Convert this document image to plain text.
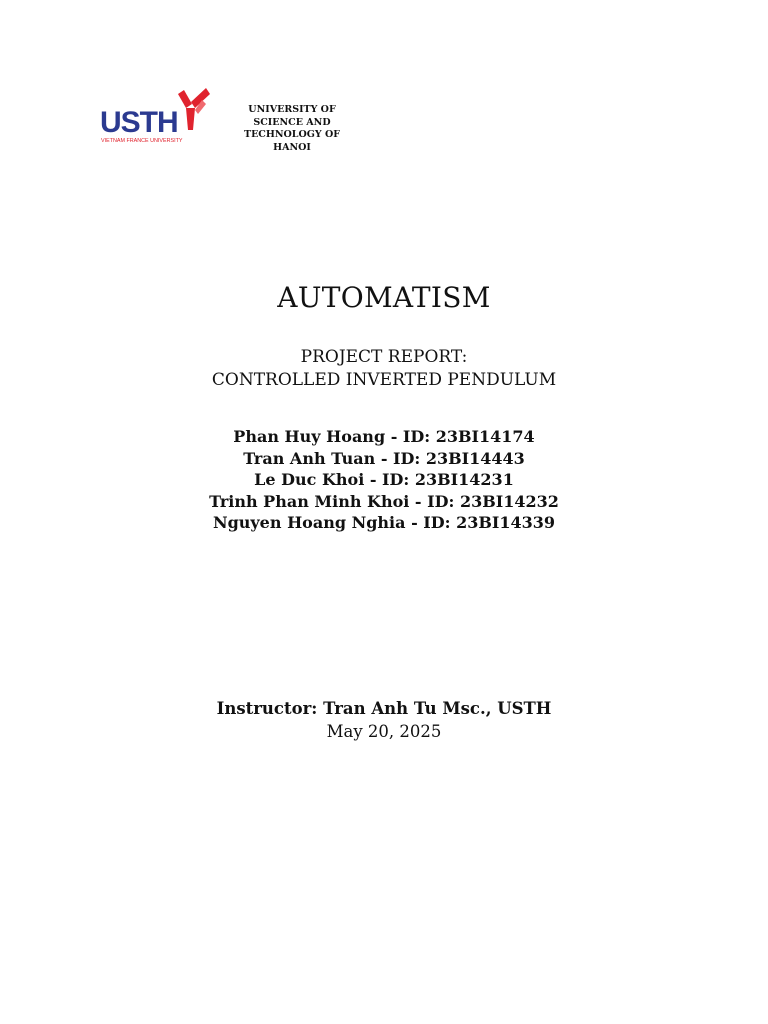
USTH
VIETNAM FRANCE UNIVERSITY
UNIVERSITY OF
SCIENCE AND
TECHNOLOGY OF
HANOI
AUTOMATISM
PROJECT REPORT:
CONTROLLED INVERTED PENDULUM
Phan Huy Hoang - ID: 23BI14174
Tran Anh Tuan - ID: 23BI14443
Le Duc Khoi - ID: 23BI14231
Trinh Phan Minh Khoi - ID: 23BI14232
Nguyen Hoang Nghia - ID: 23BI14339
Instructor: Tran Anh Tu Msc., USTH
May 20, 2025
